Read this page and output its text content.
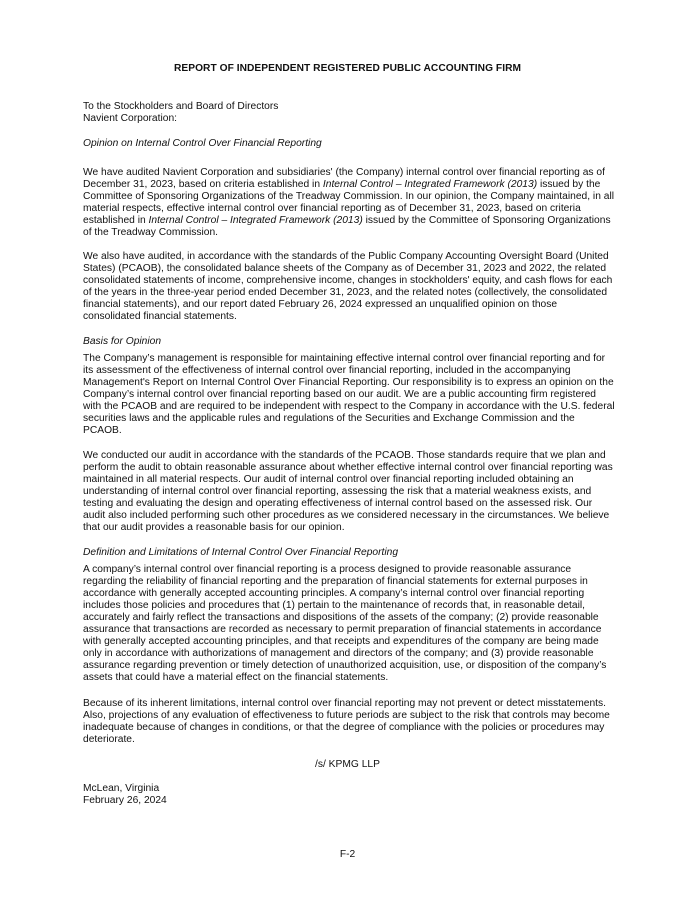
REPORT OF INDEPENDENT REGISTERED PUBLIC ACCOUNTING FIRM
To the Stockholders and Board of Directors
Navient Corporation:
Opinion on Internal Control Over Financial Reporting
We have audited Navient Corporation and subsidiaries' (the Company) internal control over financial reporting as of
December 31, 2023, based on criteria established in Internal Control – Integrated Framework (2013) issued by the
Committee of Sponsoring Organizations of the Treadway Commission. In our opinion, the Company maintained, in all
material respects, effective internal control over financial reporting as of December 31, 2023, based on criteria
established in Internal Control – Integrated Framework (2013) issued by the Committee of Sponsoring Organizations
of the Treadway Commission.
We also have audited, in accordance with the standards of the Public Company Accounting Oversight Board (United
States) (PCAOB), the consolidated balance sheets of the Company as of December 31, 2023 and 2022, the related
consolidated statements of income, comprehensive income, changes in stockholders' equity, and cash flows for each
of the years in the three-year period ended December 31, 2023, and the related notes (collectively, the consolidated
financial statements), and our report dated February 26, 2024 expressed an unqualified opinion on those
consolidated financial statements.
Basis for Opinion
The Company’s management is responsible for maintaining effective internal control over financial reporting and for
its assessment of the effectiveness of internal control over financial reporting, included in the accompanying
Management's Report on Internal Control Over Financial Reporting. Our responsibility is to express an opinion on the
Company’s internal control over financial reporting based on our audit. We are a public accounting firm registered
with the PCAOB and are required to be independent with respect to the Company in accordance with the U.S. federal
securities laws and the applicable rules and regulations of the Securities and Exchange Commission and the
PCAOB.
We conducted our audit in accordance with the standards of the PCAOB. Those standards require that we plan and
perform the audit to obtain reasonable assurance about whether effective internal control over financial reporting was
maintained in all material respects. Our audit of internal control over financial reporting included obtaining an
understanding of internal control over financial reporting, assessing the risk that a material weakness exists, and
testing and evaluating the design and operating effectiveness of internal control based on the assessed risk. Our
audit also included performing such other procedures as we considered necessary in the circumstances. We believe
that our audit provides a reasonable basis for our opinion.
Definition and Limitations of Internal Control Over Financial Reporting
A company’s internal control over financial reporting is a process designed to provide reasonable assurance
regarding the reliability of financial reporting and the preparation of financial statements for external purposes in
accordance with generally accepted accounting principles. A company’s internal control over financial reporting
includes those policies and procedures that (1) pertain to the maintenance of records that, in reasonable detail,
accurately and fairly reflect the transactions and dispositions of the assets of the company; (2) provide reasonable
assurance that transactions are recorded as necessary to permit preparation of financial statements in accordance
with generally accepted accounting principles, and that receipts and expenditures of the company are being made
only in accordance with authorizations of management and directors of the company; and (3) provide reasonable
assurance regarding prevention or timely detection of unauthorized acquisition, use, or disposition of the company’s
assets that could have a material effect on the financial statements.
Because of its inherent limitations, internal control over financial reporting may not prevent or detect misstatements.
Also, projections of any evaluation of effectiveness to future periods are subject to the risk that controls may become
inadequate because of changes in conditions, or that the degree of compliance with the policies or procedures may
deteriorate.
/s/ KPMG LLP
McLean, Virginia
February 26, 2024
F-2
